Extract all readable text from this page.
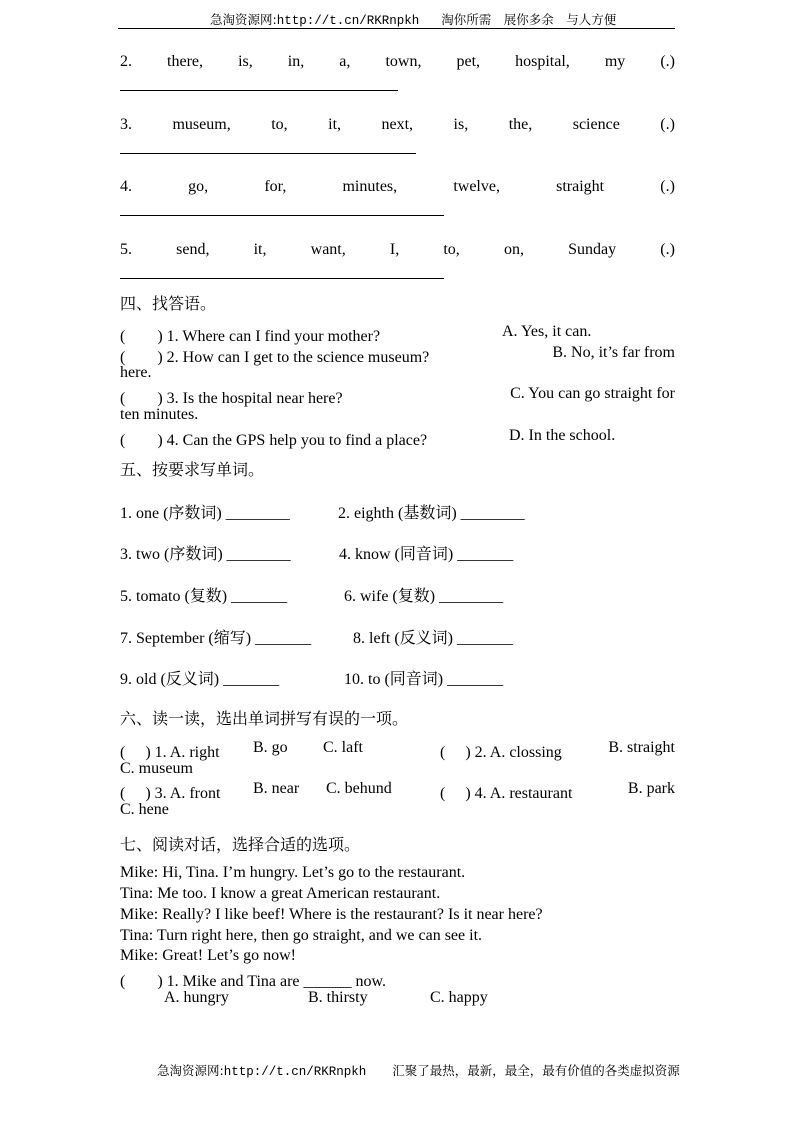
急淘资源网:http://t.cn/RKRnpkh 淘你所需　展你多余　与人方便
2. there, is, in, a, town, pet, hospital, my (.)
3.	museum,	to,	it,	next,	is,	the,	science	(.)
4.	go,	for,	minutes,	twelve,	straight	(.)
5.	send,	it,	want,	I,	to,	on,	Sunday	(.)
四、找答语。
(　　) 1. Where can I find your mother?	A. Yes, it can.
(　　) 2. How can I get to the science museum?	B. No, it’s far from
here.
(　　) 3. Is the hospital near here?	C. You can go straight for
ten minutes.
(　　) 4. Can the GPS help you to find a place?	D. In the school.
五、按要求写单词。
1. one (序数词) ________	2. eighth (基数词) ________
3. two (序数词) ________	4. know (同音词) _______
5. tomato (复数) _______	6. wife (复数) ________
7. September (缩写) _______	8. left (反义词) _______
9. old (反义词) _______	10. to (同音词) _______
六、读一读，选出单词拼写有误的一项。
(　 ) 1. A. right B. go C. laft	(　 ) 2. A. clossing	B. straight
C. museum
(　 ) 3. A. front B. near C. behund	(　 ) 4. A. restaurant	B. park
C. hene
七、阅读对话，选择合适的选项。
Mike: Hi, Tina. I’m hungry. Let’s go to the restaurant.
Tina: Me too. I know a great American restaurant.
Mike: Really? I like beef! Where is the restaurant? Is it near here?
Tina: Turn right here, then go straight, and we can see it.
Mike: Great! Let’s go now!
(　　) 1. Mike and Tina are ______ now.
A. hungry	B. thirsty	C. happy
急淘资源网:http://t.cn/RKRnpkh 汇聚了最热，最新，最全，最有价值的各类虚拟资源
